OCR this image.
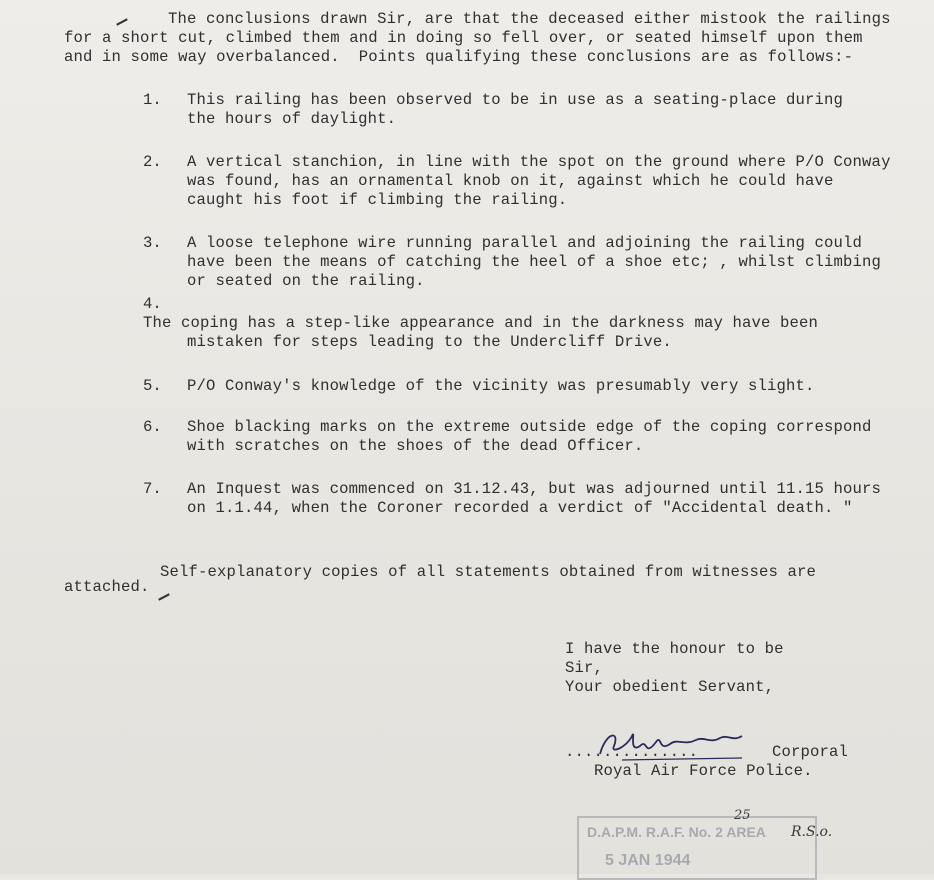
The conclusions drawn Sir, are that the deceased either mistook the railings
for a short cut, climbed them and in doing so fell over, or seated himself upon them
and in some way overbalanced.  Points qualifying these conclusions are as follows:-
1. This railing has been observed to be in use as a seating-place during
the hours of daylight.
2. A vertical stanchion, in line with the spot on the ground where P/O Conway
was found, has an ornamental knob on it, against which he could have
caught his foot if climbing the railing.
3. A loose telephone wire running parallel and adjoining the railing could
have been the means of catching the heel of a shoe etc; , whilst climbing
or seated on the railing.
4.
The coping has a step-like appearance and in the darkness may have been
mistaken for steps leading to the Undercliff Drive.
5. P/O Conway's knowledge of the vicinity was presumably very slight.
6. Shoe blacking marks on the extreme outside edge of the coping correspond
with scratches on the shoes of the dead Officer.
7. An Inquest was commenced on 31.12.43, but was adjourned until 11.15 hours
on 1.1.44, when the Coroner recorded a verdict of "Accidental death. "
Self-explanatory copies of all statements obtained from witnesses are
attached.
I have the honour to be
Sir,
Your obedient Servant,
..............	Corporal
Royal Air Force Police.
D.A.P.M. R.A.F. No. 2 AREA
5 JAN 1944
25
R.S.o.
